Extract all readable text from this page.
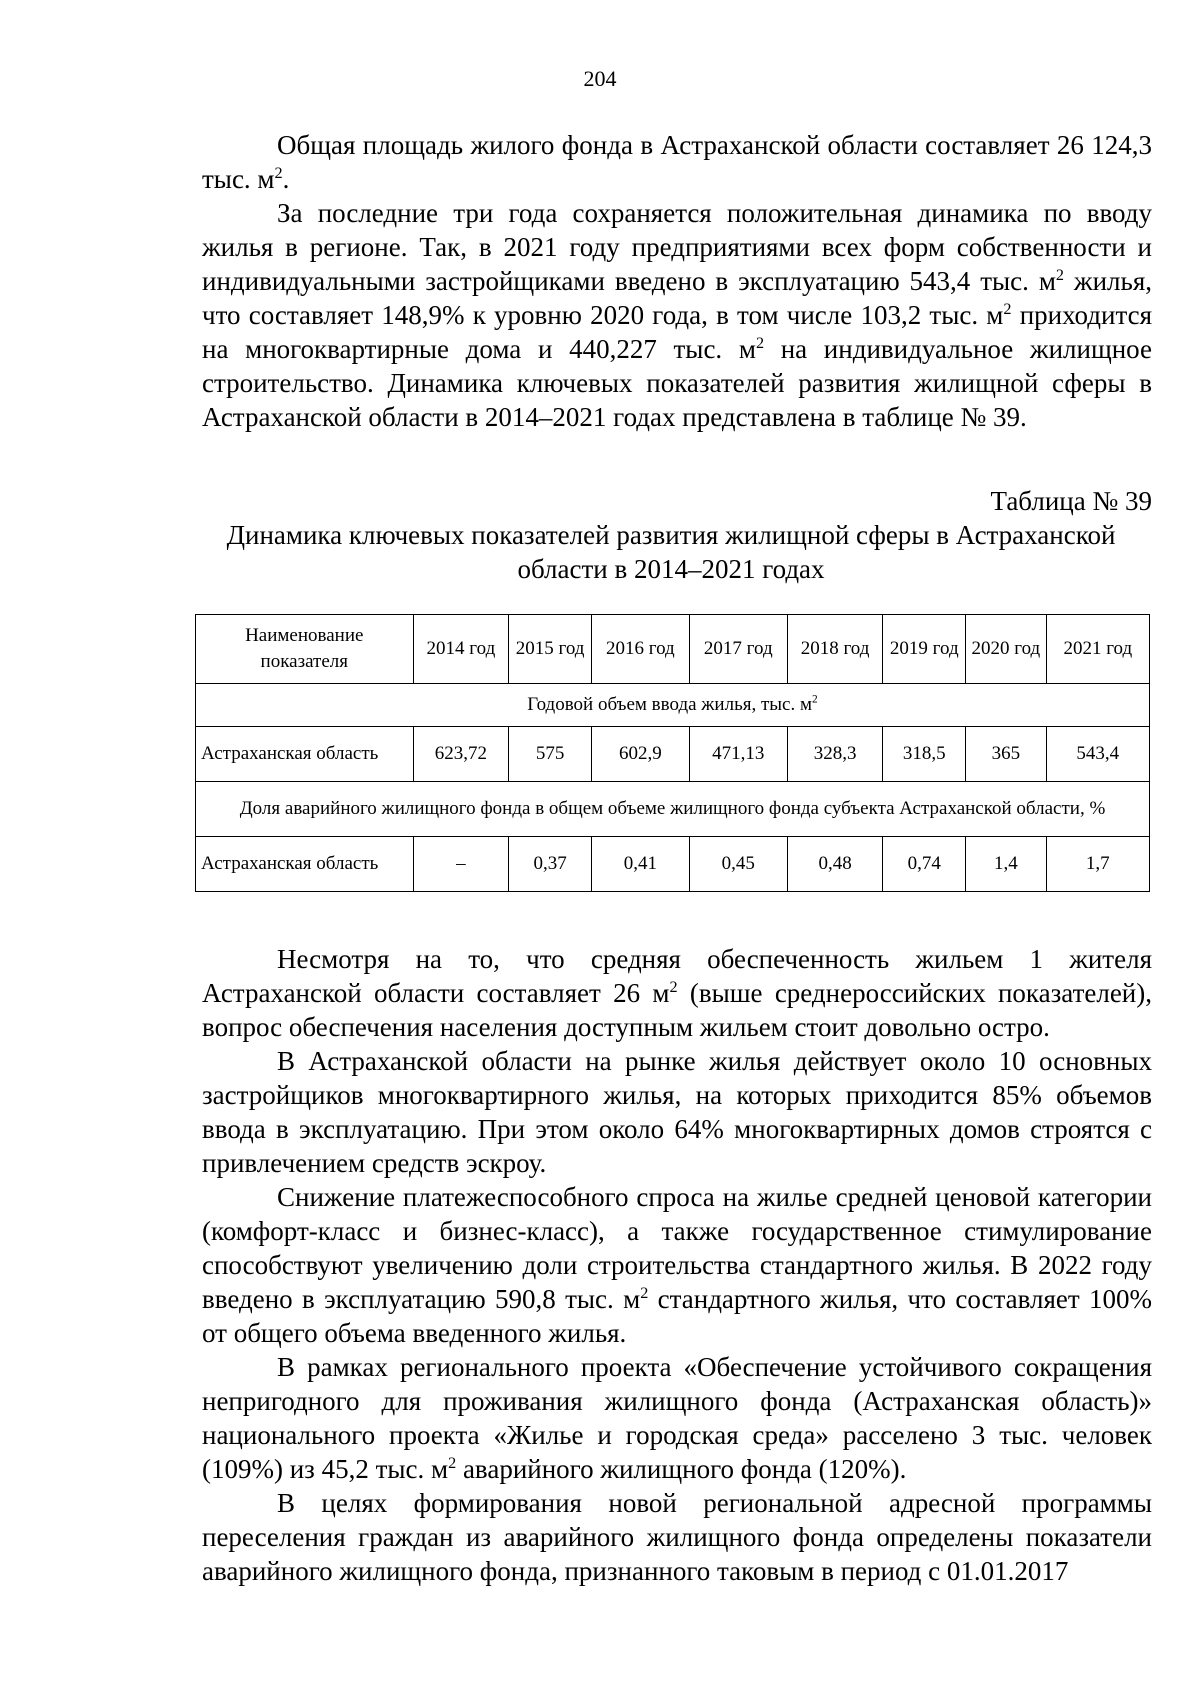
204

Общая площадь жилого фонда в Астраханской области составляет 26 124,3 тыс. $м^2$.

За последние три года сохраняется положительная динамика по вводу жилья в регионе. Так, в 2021 году предприятиями всех форм собственности и индивидуальными застройщиками введено в эксплуатацию 543,4 тыс. $м^2$ жилья, что составляет 148,9% к уровню 2020 года, в том числе 103,2 тыс. $м^2$ приходится на многоквартирные дома и 440,227 тыс. $м^2$ на индивидуальное жилищное строительство. Динамика ключевых показателей развития жилищной сферы в Астраханской области в 2014–2021 годах представлена в таблице № 39.

Таблица № 39
Динамика ключевых показателей развития жилищной сферы в Астраханской области в 2014–2021 годах
Наименование показателя	2014 год	2015 год	2016 год	2017 год	2018 год	2019 год	2020 год	2021 год
Годовой объем ввода жилья, тыс. $м^2$
Астраханская область	623,72	575	602,9	471,13	328,3	318,5	365	543,4
Доля аварийного жилищного фонда в общем объеме жилищного фонда субъекта Астраханской области, %								
Астраханская область	–	0,37	0,41	0,45	0,48	0,74	1,4	1,7

Несмотря на то, что средняя обеспеченность жильем 1 жителя Астраханской области составляет 26 $м^2$ (выше среднероссийских показателей), вопрос обеспечения населения доступным жильем стоит довольно остро.

В Астраханской области на рынке жилья действует около 10 основных застройщиков многоквартирного жилья, на которых приходится 85% объемов ввода в эксплуатацию. При этом около 64% многоквартирных домов строятся с привлечением средств эскроу.

Снижение платежеспособного спроса на жилье средней ценовой категории (комфорт-класс и бизнес-класс), а также государственное стимулирование способствуют увеличению доли строительства стандартного жилья. В 2022 году введено в эксплуатацию 590,8 тыс. $м^2$ стандартного жилья, что составляет 100% от общего объема введенного жилья.

В рамках регионального проекта «Обеспечение устойчивого сокращения непригодного для проживания жилищного фонда (Астраханская область)» национального проекта «Жилье и городская среда» расселено 3 тыс. человек (109%) из 45,2 тыс. $м^2$ аварийного жилищного фонда (120%).

В целях формирования новой региональной адресной программы переселения граждан из аварийного жилищного фонда определены показатели аварийного жилищного фонда, признанного таковым в период с 01.01.2017
